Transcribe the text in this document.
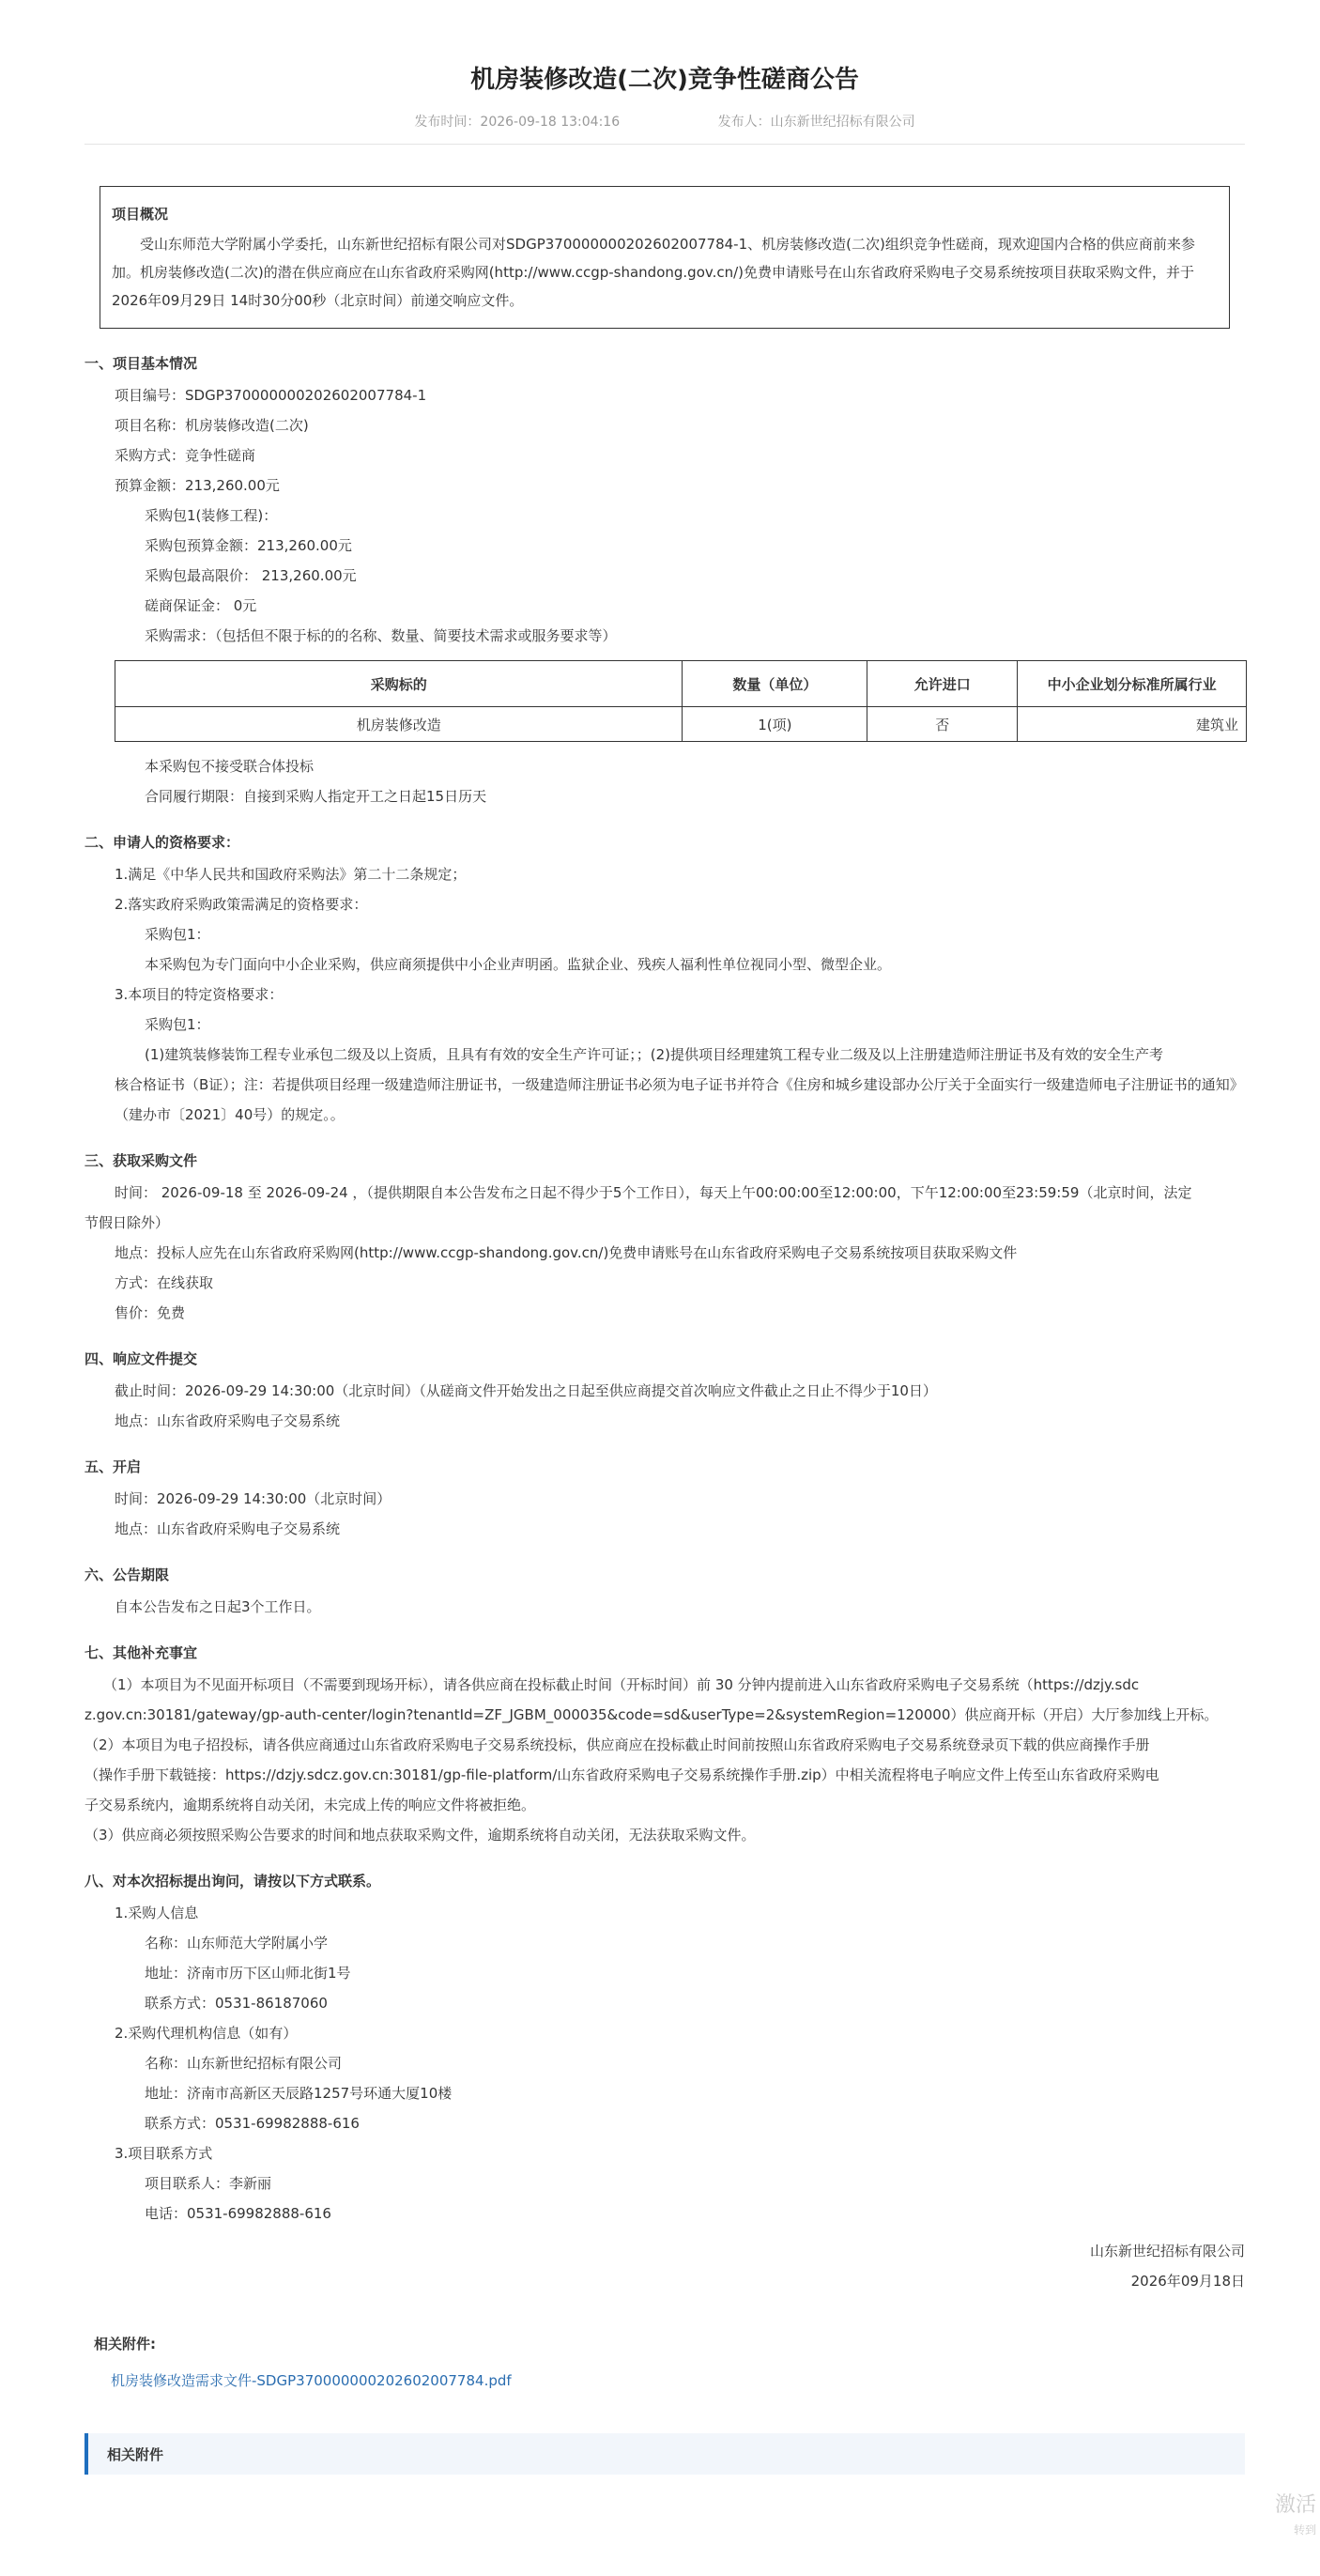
机房装修改造(二次)竞争性磋商公告
发布时间：2026-09-18 13:04:16	发布人：山东新世纪招标有限公司
项目概况

受山东师范大学附属小学委托，山东新世纪招标有限公司对SDGP370000000202602007784-1、机房装修改造(二次)组织竞争性磋商，现欢迎国内合格的供应商前来参加。机房装修改造(二次)的潜在供应商应在山东省政府采购网(http://www.ccgp-shandong.gov.cn/)免费申请账号在山东省政府采购电子交易系统按项目获取采购文件，并于2026年09月29日 14时30分00秒（北京时间）前递交响应文件。

一、项目基本情况
项目编号：SDGP370000000202602007784-1
项目名称：机房装修改造(二次)
采购方式：竞争性磋商
预算金额：213,260.00元
采购包1(装修工程)：
采购包预算金额：213,260.00元
采购包最高限价： 213,260.00元
磋商保证金： 0元
采购需求：（包括但不限于标的的名称、数量、简要技术需求或服务要求等）
采购标的	数量（单位）	允许进口	中小企业划分标准所属行业
机房装修改造	1(项)	否	建筑业
本采购包不接受联合体投标
合同履行期限：自接到采购人指定开工之日起15日历天
二、申请人的资格要求：
1.满足《中华人民共和国政府采购法》第二十二条规定；
2.落实政府采购政策需满足的资格要求：
采购包1：
本采购包为专门面向中小企业采购，供应商须提供中小企业声明函。监狱企业、残疾人福利性单位视同小型、微型企业。
3.本项目的特定资格要求：
采购包1：
(1)建筑装修装饰工程专业承包二级及以上资质，且具有有效的安全生产许可证；；(2)提供项目经理建筑工程专业二级及以上注册建造师注册证书及有效的安全生产考
核合格证书（B证）；注：若提供项目经理一级建造师注册证书，一级建造师注册证书必须为电子证书并符合《住房和城乡建设部办公厅关于全面实行一级建造师电子注册证书的通知》（建办市〔2021〕40号）的规定。。
三、获取采购文件
时间： 2026-09-18 至 2026-09-24 ，（提供期限自本公告发布之日起不得少于5个工作日），每天上午00:00:00至12:00:00，下午12:00:00至23:59:59（北京时间，法定
节假日除外）
地点：投标人应先在山东省政府采购网(http://www.ccgp-shandong.gov.cn/)免费申请账号在山东省政府采购电子交易系统按项目获取采购文件
方式：在线获取
售价：免费
四、响应文件提交
截止时间：2026-09-29 14:30:00（北京时间）（从磋商文件开始发出之日起至供应商提交首次响应文件截止之日止不得少于10日）
地点：山东省政府采购电子交易系统
五、开启
时间：2026-09-29 14:30:00（北京时间）
地点：山东省政府采购电子交易系统
六、公告期限
自本公告发布之日起3个工作日。
七、其他补充事宜
（1）本项目为不见面开标项目（不需要到现场开标），请各供应商在投标截止时间（开标时间）前 30 分钟内提前进入山东省政府采购电子交易系统（https://dzjy.sdc
z.gov.cn:30181/gateway/gp-auth-center/login?tenantId=ZF_JGBM_000035&code=sd&userType=2&systemRegion=120000）供应商开标（开启）大厅参加线上开标。
（2）本项目为电子招投标，请各供应商通过山东省政府采购电子交易系统投标，供应商应在投标截止时间前按照山东省政府采购电子交易系统登录页下载的供应商操作手册
（操作手册下载链接：https://dzjy.sdcz.gov.cn:30181/gp-file-platform/山东省政府采购电子交易系统操作手册.zip）中相关流程将电子响应文件上传至山东省政府采购电
子交易系统内，逾期系统将自动关闭，未完成上传的响应文件将被拒绝。
（3）供应商必须按照采购公告要求的时间和地点获取采购文件，逾期系统将自动关闭，无法获取采购文件。
八、对本次招标提出询问，请按以下方式联系。
1.采购人信息
名称：山东师范大学附属小学
地址：济南市历下区山师北街1号
联系方式：0531-86187060
2.采购代理机构信息（如有）
名称：山东新世纪招标有限公司
地址：济南市高新区天辰路1257号环通大厦10楼
联系方式：0531-69982888-616
3.项目联系方式
项目联系人：李新丽
电话：0531-69982888-616
山东新世纪招标有限公司
2026年09月18日
相关附件:
机房装修改造需求文件-SDGP370000000202602007784.pdf
相关附件
激活
转到
